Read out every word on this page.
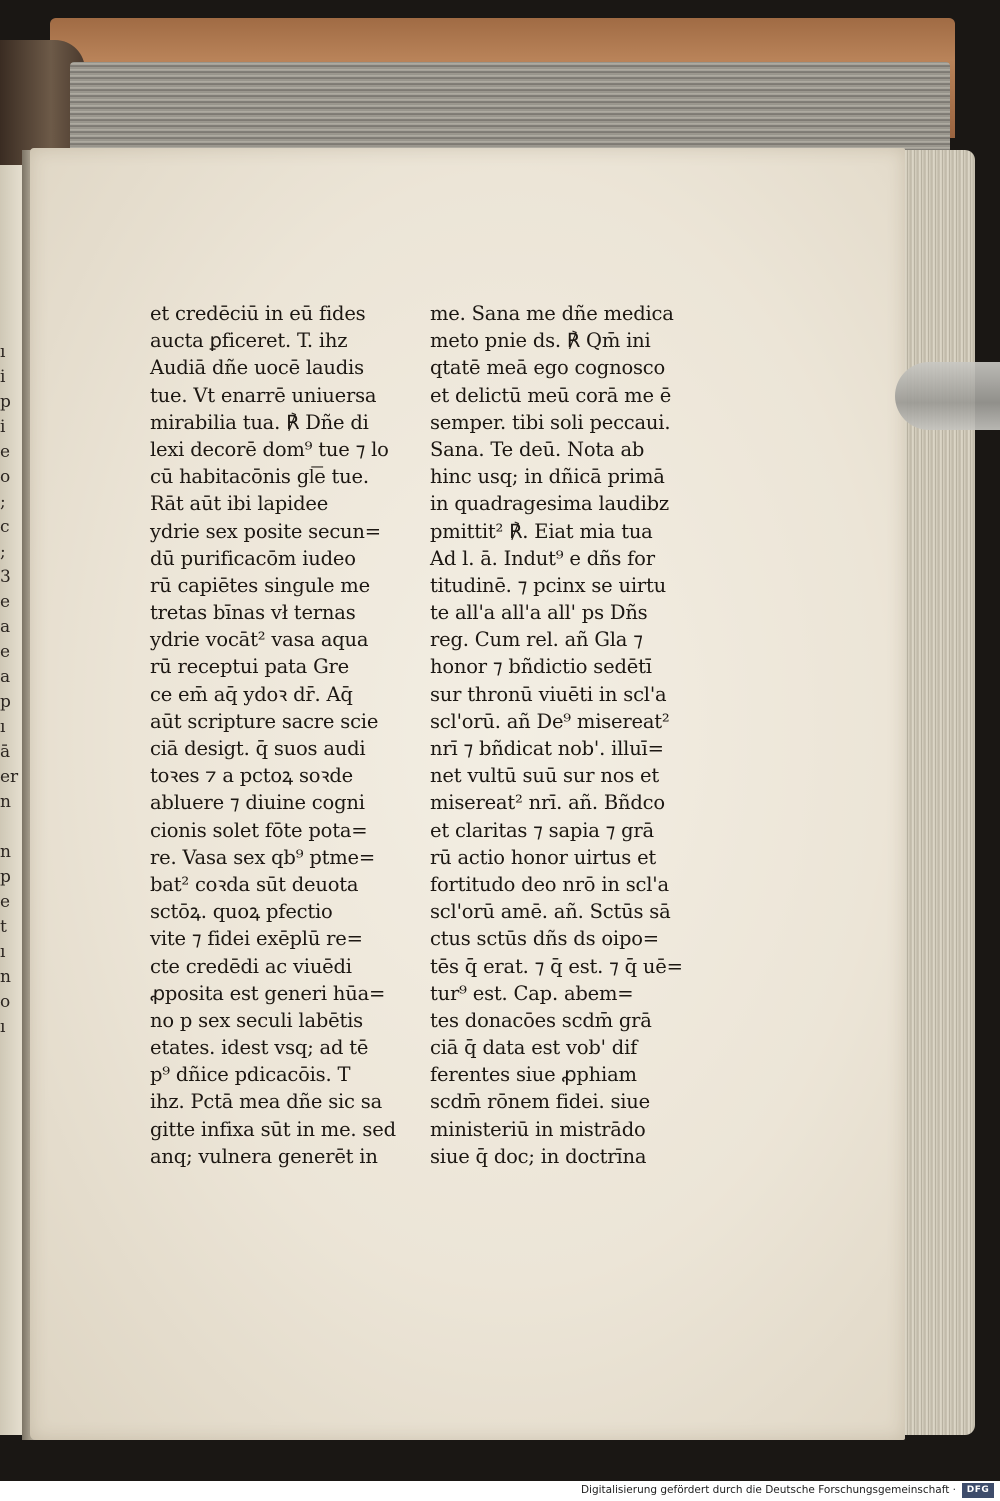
ı
i
p
i
e
o
;
c
;
3
e
a
e
a
p
ı
ā
er
n

n
p
e
t
ı
n
o
ı
et credēciū in eū fides
aucta ꝑficeret. T. ihz
Audiā dñe uocē laudis
tue. Vt enarrē uniuersa
mirabilia tua. ℟ Dñe di
lexi decorē dom⁹ tue ⁊ lo
cū habitacōnis gl͞e tue.
Rāt aūt ibi lapidee
ydrie sex posite secun=
dū purificacōm iudeo
rū capiētes singule me
tretas bīnas vł ternas
ydrie vocāt² vasa aqua
rū receptui pata Gre
ce em̄ aq̄ ydoꝛ dr̄. Aq̄
aūt scripture sacre scie
ciā desigt. q̄ suos audi
toꝛes ⁊ a pctoꝝ soꝛde
abluere ⁊ diuine cogni
cionis solet fōte pota=
re. Vasa sex qb⁹ ptme=
bat² coꝛda sūt deuota
sctōꝝ. quoꝝ pfectio
vite ⁊ fidei exēplū re=
cte credēdi ac viuēdi
ꝓposita est generi hūa=
no p sex seculi labētis
etates. idest vsq; ad tē
p⁹ dñice pdicacōis. T
ihz. Pctā mea dñe sic sa
gitte infixa sūt in me. sed
anq; vulnera generēt in
me. Sana me dñe medica
meto pnie ds. ℟ Qm̄ ini
qtatē meā ego cognosco
et delictū meū corā me ē
semper. tibi soli peccaui.
Sana. Te deū. Nota ab
hinc usq; in dñicā primā
in quadragesima laudibz
pmittit² ℟. Eiat mia tua
Ad l. ā. Indut⁹ e dñs for
titudinē. ⁊ pcinx se uirtu
te all'a all'a all' ps Dñs
reg. Cum rel. añ Gla ⁊
honor ⁊ bñdictio sedētī
sur thronū viuēti in scl'a
scl'orū. añ De⁹ misereat²
nrī ⁊ bñdicat nob'. illuī=
net vultū suū sur nos et
misereat² nrī. añ. Bñdco
et claritas ⁊ sapia ⁊ grā
rū actio honor uirtus et
fortitudo deo nrō in scl'a
scl'orū amē. añ. Sctūs sā
ctus sctūs dñs ds oipo=
tēs q̄ erat. ⁊ q̄ est. ⁊ q̄ uē=
tur⁹ est. Cap. abem=
tes donacōes scdm̄ grā
ciā q̄ data est vob' dif
ferentes siue ꝓphiam
scdm̄ rōnem fidei. siue
ministeriū in mistrādo
siue q̄ doc; in doctrīna
Digitalisierung gefördert durch die Deutsche Forschungsgemeinschaft ·	DFG
